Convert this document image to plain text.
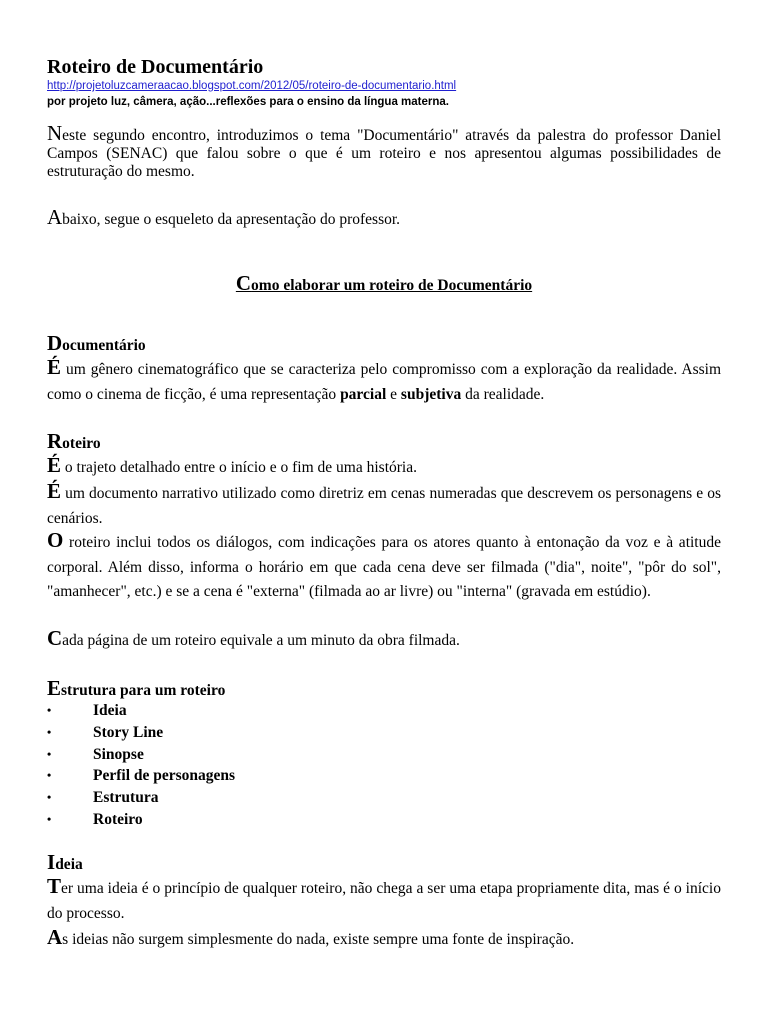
Roteiro de Documentário
http://projetoluzcameraacao.blogspot.com/2012/05/roteiro-de-documentario.html
por projeto luz, câmera, ação...reflexões para o ensino da língua materna.

Neste segundo encontro, introduzimos o tema "Documentário" através da palestra do professor Daniel Campos (SENAC) que falou sobre o que é um roteiro e nos apresentou algumas possibilidades de estruturação do mesmo.

Abaixo, segue o esqueleto da apresentação do professor.

Como elaborar um roteiro de Documentário
Documentário

É um gênero cinematográfico que se caracteriza pelo compromisso com a exploração da realidade. Assim como o cinema de ficção, é uma representação parcial e subjetiva da realidade.

Roteiro

É o trajeto detalhado entre o início e o fim de uma história.

É um documento narrativo utilizado como diretriz em cenas numeradas que descrevem os personagens e os cenários.

O roteiro inclui todos os diálogos, com indicações para os atores quanto à entonação da voz e à atitude corporal. Além disso, informa o horário em que cada cena deve ser filmada ("dia", noite", "pôr do sol", "amanhecer", etc.) e se a cena é "externa" (filmada ao ar livre) ou "interna" (gravada em estúdio).

Cada página de um roteiro equivale a um minuto da obra filmada.

Estrutura para um roteiro
•	Ideia
•	Story Line
•	Sinopse
•	Perfil de personagens
•	Estrutura
•	Roteiro
Ideia

Ter uma ideia é o princípio de qualquer roteiro, não chega a ser uma etapa propriamente dita, mas é o início do processo.

As ideias não surgem simplesmente do nada, existe sempre uma fonte de inspiração.
